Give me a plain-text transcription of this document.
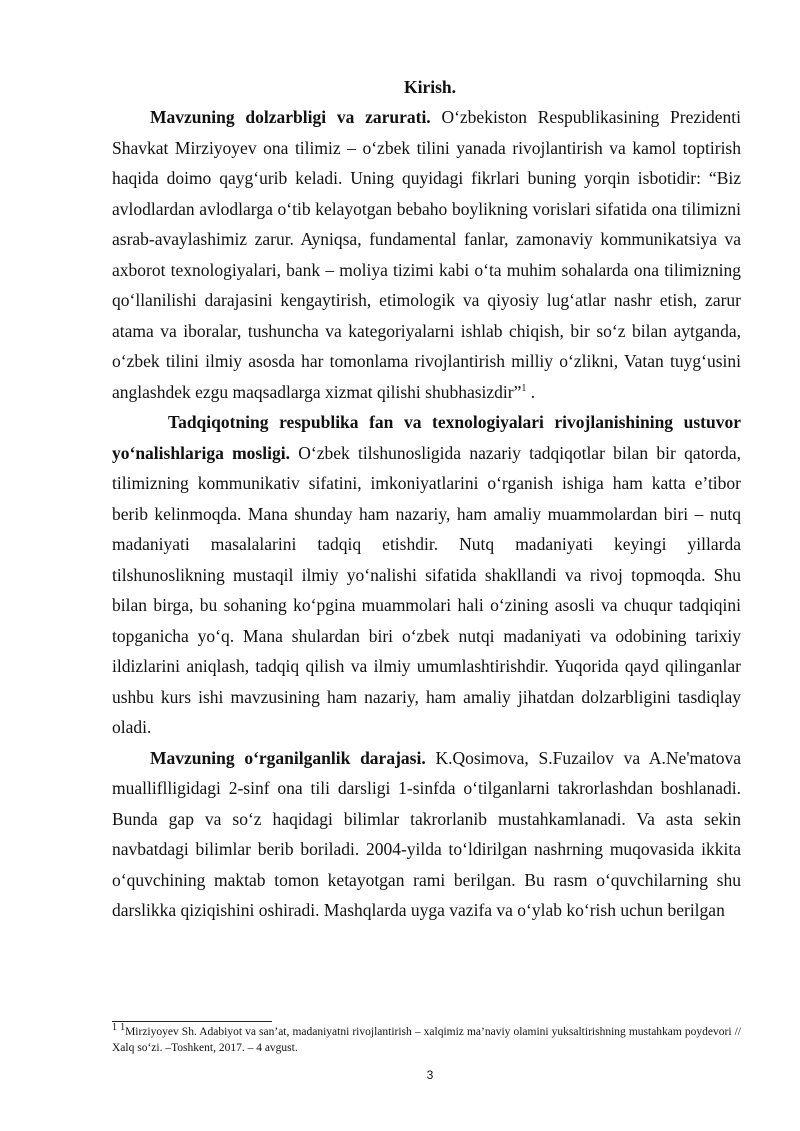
Kirish.

Mavzuning dolzarbligi va zarurati. O‘zbekiston Respublikasining Prezidenti Shavkat Mirziyoyev ona tilimiz – o‘zbek tilini yanada rivojlantirish va kamol toptirish haqida doimo qayg‘urib keladi. Uning quyidagi fikrlari buning yorqin isbotidir: “Biz avlodlardan avlodlarga o‘tib kelayotgan bebaho boylikning vorislari sifatida ona tilimizni asrab-avaylashimiz zarur. Ayniqsa, fundamental fanlar, zamonaviy kommunikatsiya va axborot texnologiyalari, bank – moliya tizimi kabi o‘ta muhim sohalarda ona tilimizning qo‘llanilishi darajasini kengaytirish, etimologik va qiyosiy lug‘atlar nashr etish, zarur atama va iboralar, tushuncha va kategoriyalarni ishlab chiqish, bir so‘z bilan aytganda, o‘zbek tilini ilmiy asosda har tomonlama rivojlantirish milliy o‘zlikni, Vatan tuyg‘usini anglashdek ezgu maqsadlarga xizmat qilishi shubhasizdir”$^1$ .

Tadqiqotning respublika fan va texnologiyalari rivojlanishining ustuvor yo‘nalishlariga mosligi. O‘zbek tilshunosligida nazariy tadqiqotlar bilan bir qatorda, tilimizning kommunikativ sifatini, imkoniyatlarini o‘rganish ishiga ham katta e’tibor berib kelinmoqda. Mana shunday ham nazariy, ham amaliy muammolardan biri – nutq madaniyati masalalarini tadqiq etishdir. Nutq madaniyati keyingi yillarda tilshunoslikning mustaqil ilmiy yo‘nalishi sifatida shakllandi va rivoj topmoqda. Shu bilan birga, bu sohaning ko‘pgina muammolari hali o‘zining asosli va chuqur tadqiqini topganicha yo‘q. Mana shulardan biri o‘zbek nutqi madaniyati va odobining tarixiy ildizlarini aniqlash, tadqiq qilish va ilmiy umumlashtirishdir. Yuqorida qayd qilinganlar ushbu kurs ishi mavzusining ham nazariy, ham amaliy jihatdan dolzarbligini tasdiqlay oladi.

Mavzuning o‘rganilganlik darajasi. K.Qosimova, S.Fuzailov va A.Ne'matova mualliflligidagi 2-sinf ona tili darsligi 1-sinfda o‘tilganlarni takrorlashdan boshlanadi. Bunda gap va so‘z haqidagi bilimlar takrorlanib mustahkamlanadi. Va asta sekin navbatdagi bilimlar berib boriladi. 2004-yilda to‘ldirilgan nashrning muqovasida ikkita o‘quvchining maktab tomon ketayotgan rami berilgan. Bu rasm o‘quvchilarning shu darslikka qiziqishini oshiradi. Mashqlarda uyga vazifa va o‘ylab ko‘rish uchun berilgan

1 1Mirziyoyev Sh. Adabiyot va san’at, madaniyatni rivojlantirish – xalqimiz ma’naviy olamini yuksaltirishning mustahkam poydevori // Xalq so‘zi. –Toshkent, 2017. – 4 avgust.
3
